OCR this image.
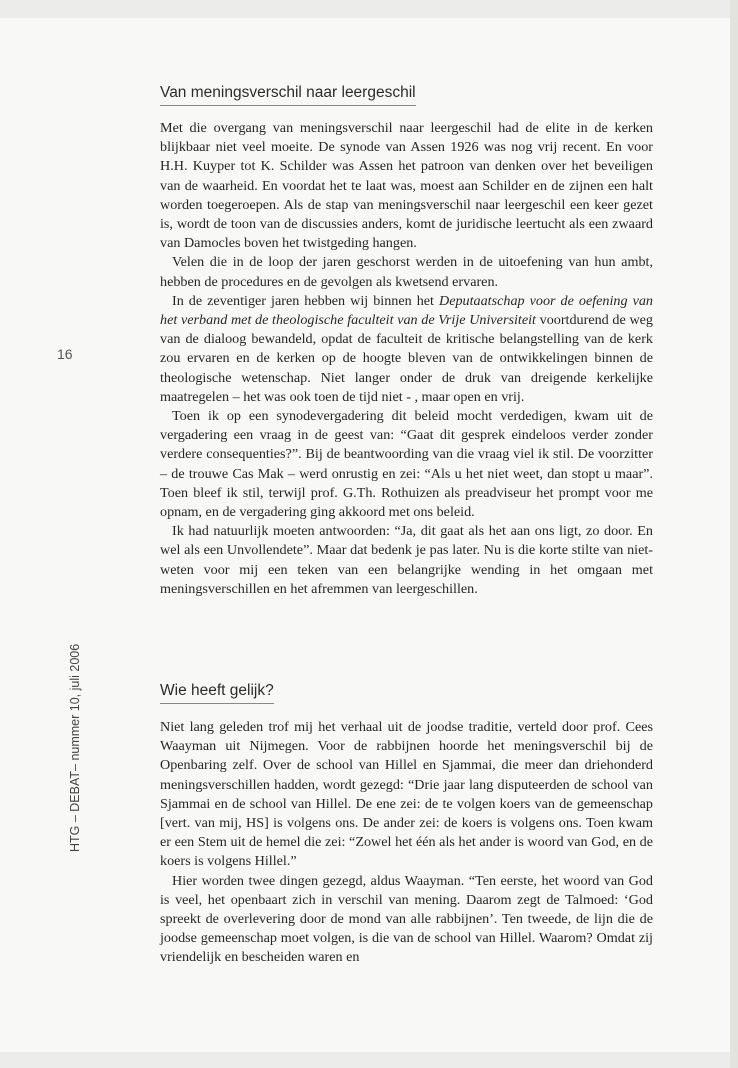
Van meningsverschil naar leergeschil

Met die overgang van meningsverschil naar leergeschil had de elite in de kerken blijkbaar niet veel moeite. De synode van Assen 1926 was nog vrij recent. En voor H.H. Kuyper tot K. Schilder was Assen het patroon van denken over het beveiligen van de waarheid. En voordat het te laat was, moest aan Schilder en de zijnen een halt worden toegeroepen. Als de stap van meningsverschil naar leergeschil een keer gezet is, wordt de toon van de discussies anders, komt de juridische leertucht als een zwaard van Damocles boven het twistgeding hangen.

Velen die in de loop der jaren geschorst werden in de uitoefening van hun ambt, hebben de procedures en de gevolgen als kwetsend ervaren.

In de zeventiger jaren hebben wij binnen het Deputaatschap voor de oefening van het verband met de theologische faculteit van de Vrije Universiteit voortdurend de weg van de dialoog bewandeld, opdat de faculteit de kritische belangstelling van de kerk zou ervaren en de kerken op de hoogte bleven van de ontwikkelingen binnen de theologische wetenschap. Niet langer onder de druk van dreigende kerkelijke maatregelen – het was ook toen de tijd niet - , maar open en vrij.

Toen ik op een synodevergadering dit beleid mocht verdedigen, kwam uit de vergadering een vraag in de geest van: “Gaat dit gesprek eindeloos verder zonder verdere consequenties?”. Bij de beantwoording van die vraag viel ik stil. De voorzitter – de trouwe Cas Mak – werd onrustig en zei: “Als u het niet weet, dan stopt u maar”. Toen bleef ik stil, terwijl prof. G.Th. Rothuizen als preadviseur het prompt voor me opnam, en de vergadering ging akkoord met ons beleid.

Ik had natuurlijk moeten antwoorden: “Ja, dit gaat als het aan ons ligt, zo door. En wel als een Unvollendete”. Maar dat bedenk je pas later. Nu is die korte stilte van niet-weten voor mij een teken van een belangrijke wending in het omgaan met meningsverschillen en het afremmen van leergeschillen.

Wie heeft gelijk?

Niet lang geleden trof mij het verhaal uit de joodse traditie, verteld door prof. Cees Waayman uit Nijmegen. Voor de rabbijnen hoorde het meningsverschil bij de Openbaring zelf. Over de school van Hillel en Sjammai, die meer dan driehonderd meningsverschillen hadden, wordt gezegd: “Drie jaar lang disputeerden de school van Sjammai en de school van Hillel. De ene zei: de te volgen koers van de gemeenschap [vert. van mij, HS] is volgens ons. De ander zei: de koers is volgens ons. Toen kwam er een Stem uit de hemel die zei: “Zowel het één als het ander is woord van God, en de koers is volgens Hillel.”

Hier worden twee dingen gezegd, aldus Waayman. “Ten eerste, het woord van God is veel, het openbaart zich in verschil van mening. Daarom zegt de Talmoed: ‘God spreekt de overlevering door de mond van alle rabbijnen’. Ten tweede, de lijn die de joodse gemeenschap moet volgen, is die van de school van Hillel. Waarom? Omdat zij vriendelijk en bescheiden waren en

16
HTG – DEBAT– nummer 10, juli 2006
